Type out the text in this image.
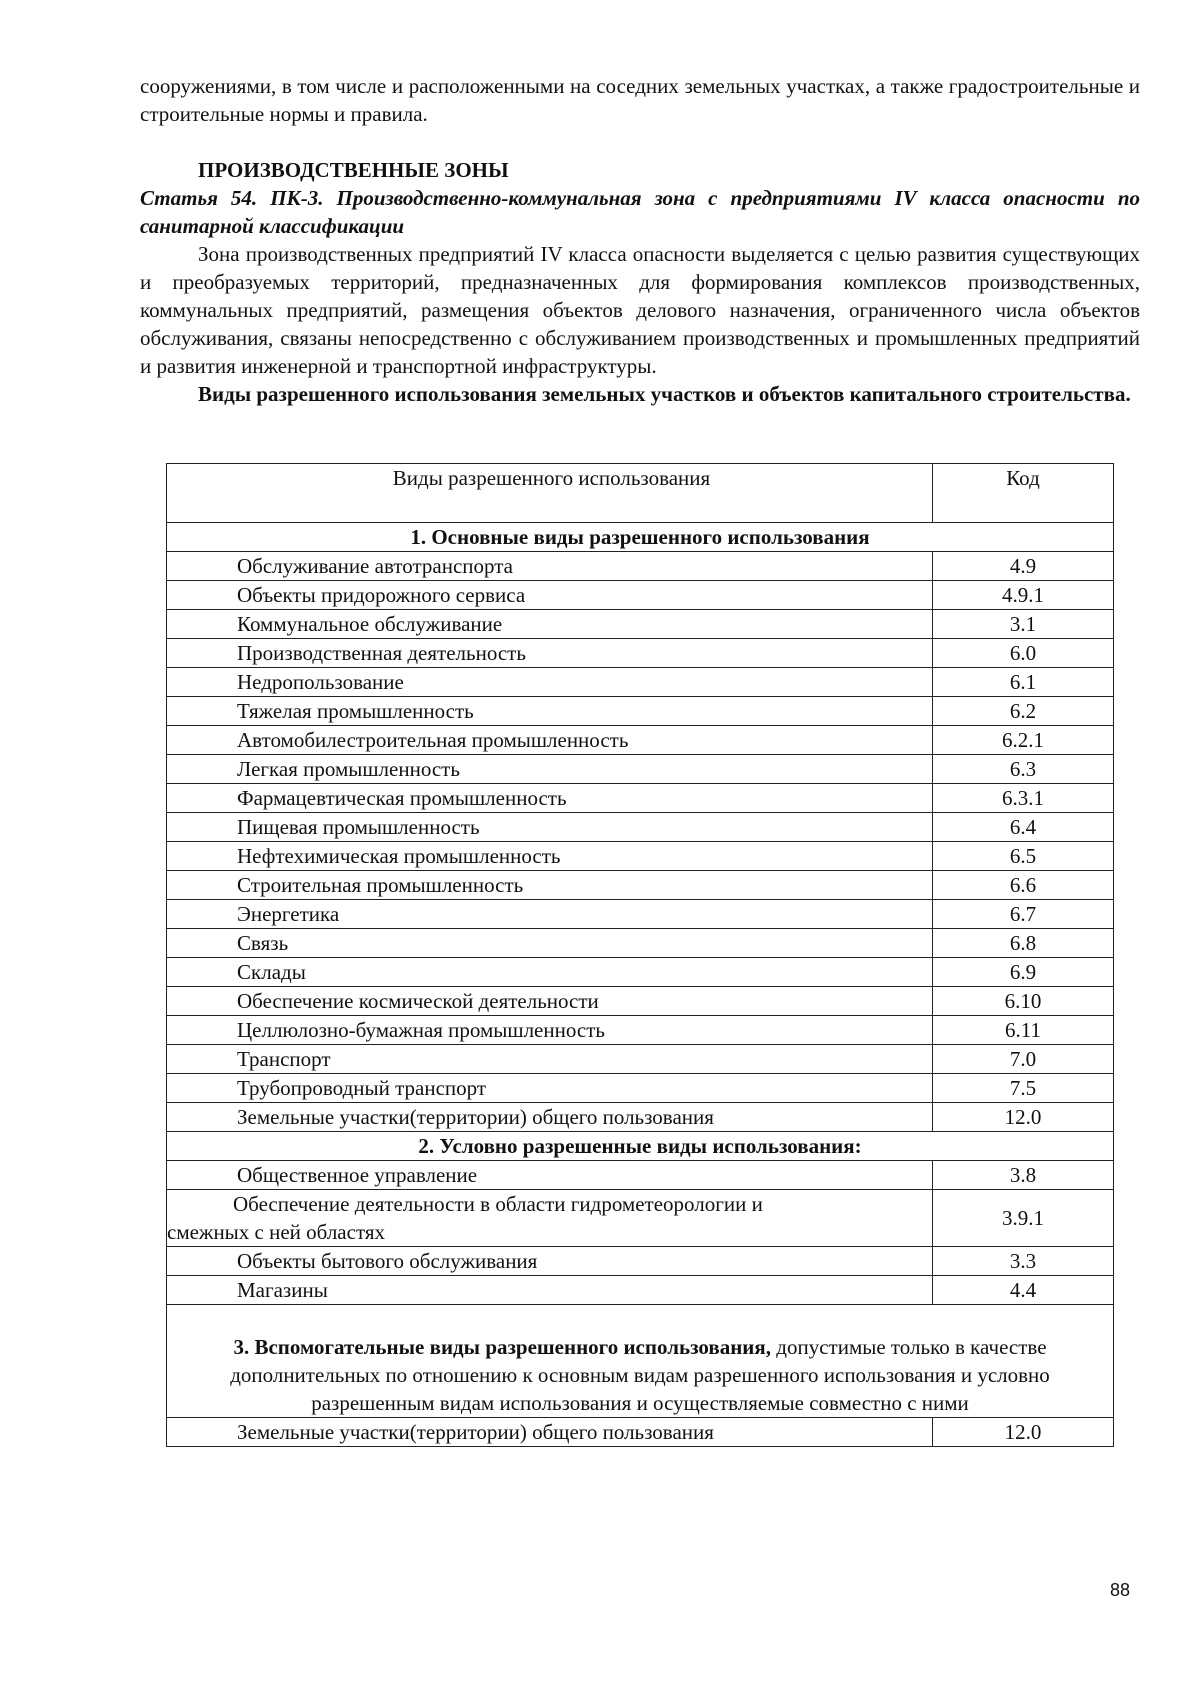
сооружениями, в том числе и расположенными на соседних земельных участках, а также градостроительные и строительные нормы и правила.

ПРОИЗВОДСТВЕННЫЕ ЗОНЫ
Статья 54. ПК-3. Производственно-коммунальная зона с предприятиями IV класса опасности по санитарной классификации

Зона производственных предприятий IV класса опасности выделяется с целью развития существующих и преобразуемых территорий, предназначенных для формирования комплексов производственных, коммунальных предприятий, размещения объектов делового назначения, ограниченного числа объектов обслуживания, связаны непосредственно с обслуживанием производственных и промышленных предприятий и развития инженерной и транспортной инфраструктуры.

Виды разрешенного использования земельных участков и объектов капитального строительства.

Виды разрешенного использования	Код
1. Основные виды разрешенного использования	
Обслуживание автотранспорта	4.9
Объекты придорожного сервиса	4.9.1
Коммунальное обслуживание	3.1
Производственная деятельность	6.0
Недропользование	6.1
Тяжелая промышленность	6.2
Автомобилестроительная промышленность	6.2.1
Легкая промышленность	6.3
Фармацевтическая промышленность	6.3.1
Пищевая промышленность	6.4
Нефтехимическая промышленность	6.5
Строительная промышленность	6.6
Энергетика	6.7
Связь	6.8
Склады	6.9
Обеспечение космической деятельности	6.10
Целлюлозно-бумажная промышленность	6.11
Транспорт	7.0
Трубопроводный транспорт	7.5
Земельные участки(территории) общего пользования	12.0
2. Условно разрешенные виды использования:	
Общественное управление	3.8

Обеспечение деятельности в области гидрометеорологии и
смежных с ней областях	3.9.1
Объекты бытового обслуживания	3.3
Магазины	4.4
3. Вспомогательные виды разрешенного использования, допустимые только в качестве дополнительных по отношению к основным видам разрешенного использования и условно разрешенным видам использования и осуществляемые совместно с ними	
Земельные участки(территории) общего пользования	12.0
88
